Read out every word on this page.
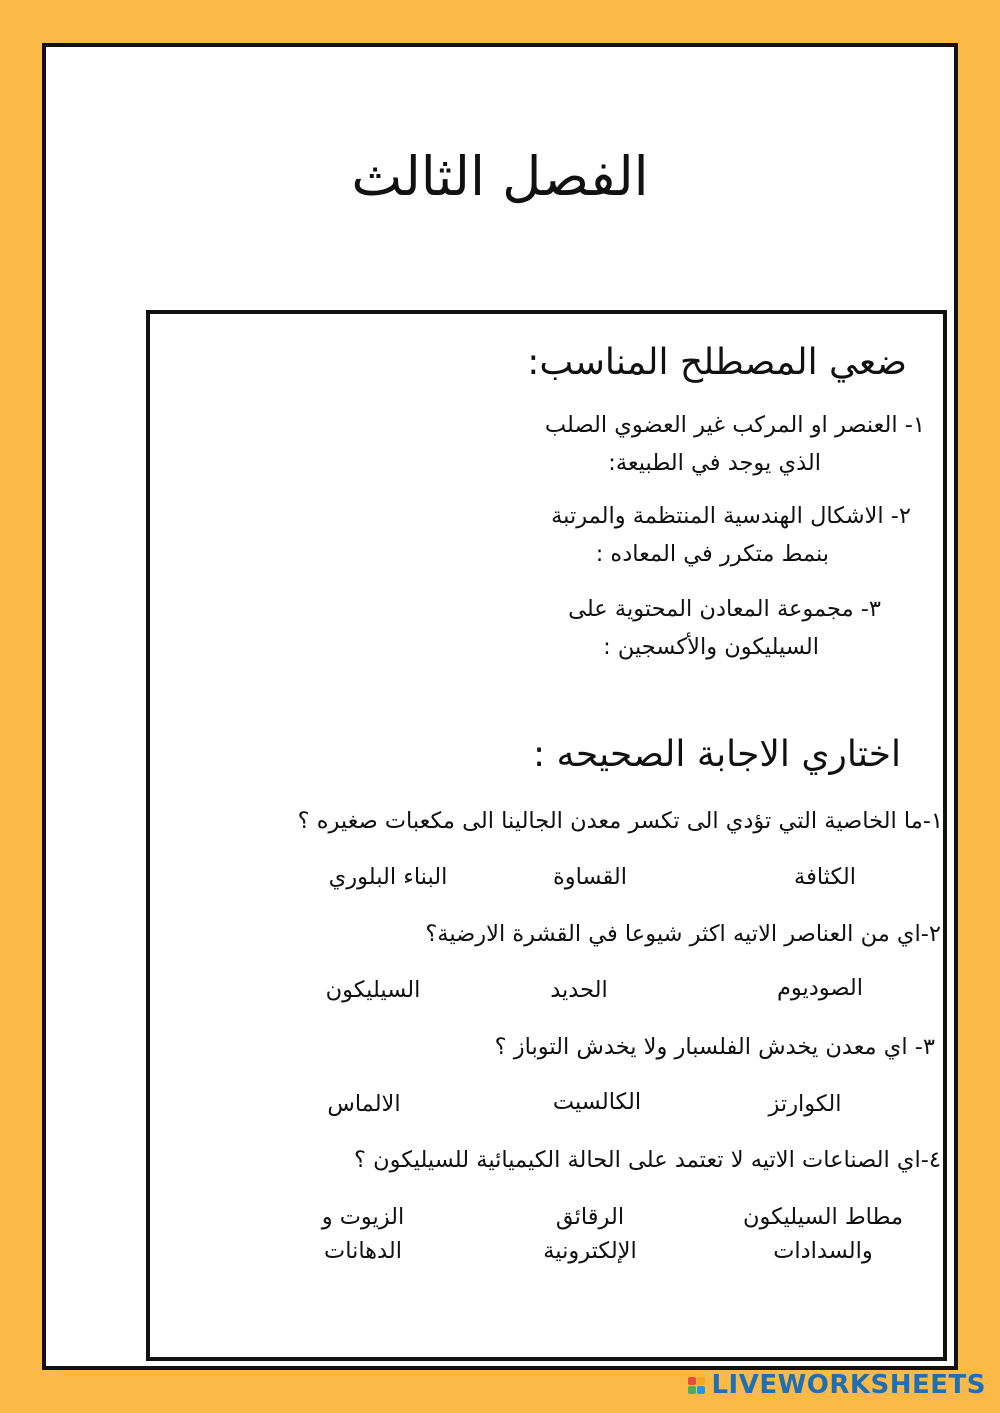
الفصل الثالث
ضعي المصطلح المناسب:
١- العنصر او المركب غير العضوي الصلب
الذي يوجد في الطبيعة:
٢- الاشكال الهندسية المنتظمة والمرتبة
بنمط متكرر في المعاده :
٣- مجموعة المعادن المحتوية على
السيليكون والأكسجين :
اختاري الاجابة الصحيحه :
١-ما الخاصية التي تؤدي الى تكسر معدن الجالينا الى مكعبات صغيره ؟
الكثافة
القساوة
البناء البلوري
٢-اي من العناصر الاتيه اكثر شيوعا في القشرة الارضية؟
الصوديوم
الحديد
السيليكون
٣- اي معدن يخدش الفلسبار ولا يخدش التوباز ؟
الكوارتز
الكالسيت
الالماس
٤-اي الصناعات الاتيه لا تعتمد على الحالة الكيميائية للسيليكون ؟
مطاط السيليكون
والسدادات
الرقائق
الإلكترونية
الزيوت و
الدهانات
LIVEWORKSHEETS
